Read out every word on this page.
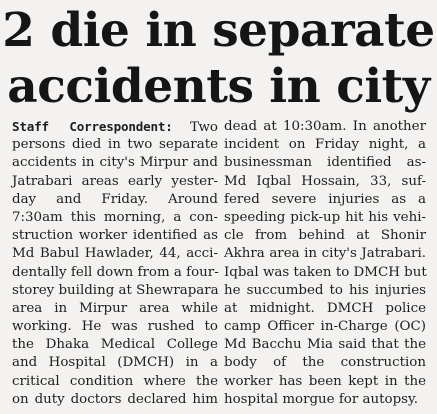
2 die in separate
accidents in city
Staff Correspondent: Two
persons died in two separate
accidents in city's Mirpur and
Jatrabari areas early yester-
day and Friday. Around
7:30am this morning, a con-
struction worker identified as
Md Babul Hawlader, 44, acci-
dentally fell down from a four-
storey building at Shewrapara
area in Mirpur area while
working. He was rushed to
the Dhaka Medical College
and Hospital (DMCH) in a
critical condition where the
on duty doctors declared him
dead at 10:30am. In another
incident on Friday night, a
businessman identified as-
Md Iqbal Hossain, 33, suf-
fered severe injuries as a
speeding pick-up hit his vehi-
cle from behind at Shonir
Akhra area in city's Jatrabari.
Iqbal was taken to DMCH but
he succumbed to his injuries
at midnight. DMCH police
camp Officer in-Charge (OC)
Md Bacchu Mia said that the
body of the construction
worker has been kept in the
hospital morgue for autopsy.
